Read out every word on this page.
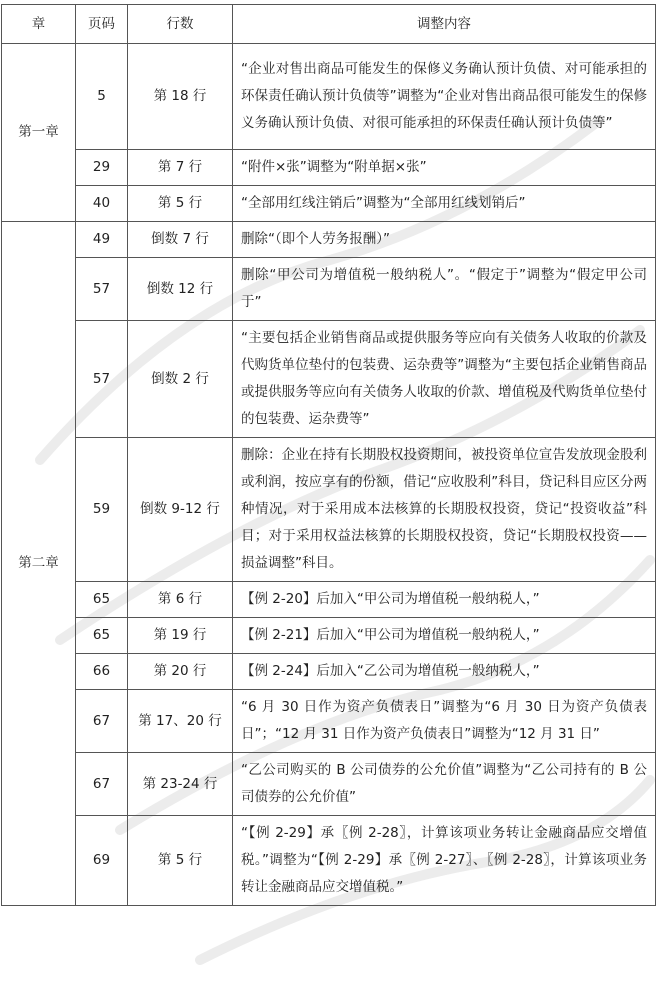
章	页码	行数	调整内容
第一章	5	第 18 行	“企业对售出商品可能发生的保修义务确认预计负债、对可能承担的环保责任确认预计负债等”调整为“企业对售出商品很可能发生的保修义务确认预计负债、对很可能承担的环保责任确认预计负债等”
	29	第 7 行	“附件×张”调整为“附单据×张”
	40	第 5 行	“全部用红线注销后”调整为“全部用红线划销后”
第二章	49	倒数 7 行	删除“（即个人劳务报酬）”
	57	倒数 12 行	删除“甲公司为增值税一般纳税人”。“假定于”调整为“假定甲公司于”
	57	倒数 2 行	“主要包括企业销售商品或提供服务等应向有关债务人收取的价款及代购货单位垫付的包装费、运杂费等”调整为“主要包括企业销售商品或提供服务等应向有关债务人收取的价款、增值税及代购货单位垫付的包装费、运杂费等”
	59	倒数 9-12 行	删除：企业在持有长期股权投资期间，被投资单位宣告发放现金股利或利润，按应享有的份额，借记“应收股利”科目，贷记科目应区分两种情况，对于采用成本法核算的长期股权投资，贷记“投资收益”科目；对于采用权益法核算的长期股权投资，贷记“长期股权投资——损益调整”科目。
	65	第 6 行	【例 2-20】后加入“甲公司为增值税一般纳税人，”
	65	第 19 行	【例 2-21】后加入“甲公司为增值税一般纳税人，”
	66	第 20 行	【例 2-24】后加入“乙公司为增值税一般纳税人，”
	67	第 17、20 行	“6 月 30 日作为资产负债表日”调整为“6 月 30 日为资产负债表日”；“12 月 31 日作为资产负债表日”调整为“12 月 31 日”
	67	第 23-24 行	“乙公司购买的 B 公司债券的公允价值”调整为“乙公司持有的 B 公司债券的公允价值”
	69	第 5 行	“【例 2-29】承〖例 2-28〗，计算该项业务转让金融商品应交增值税。”调整为“【例 2-29】承〖例 2-27〗、〖例 2-28〗，计算该项业务转让金融商品应交增值税。”
